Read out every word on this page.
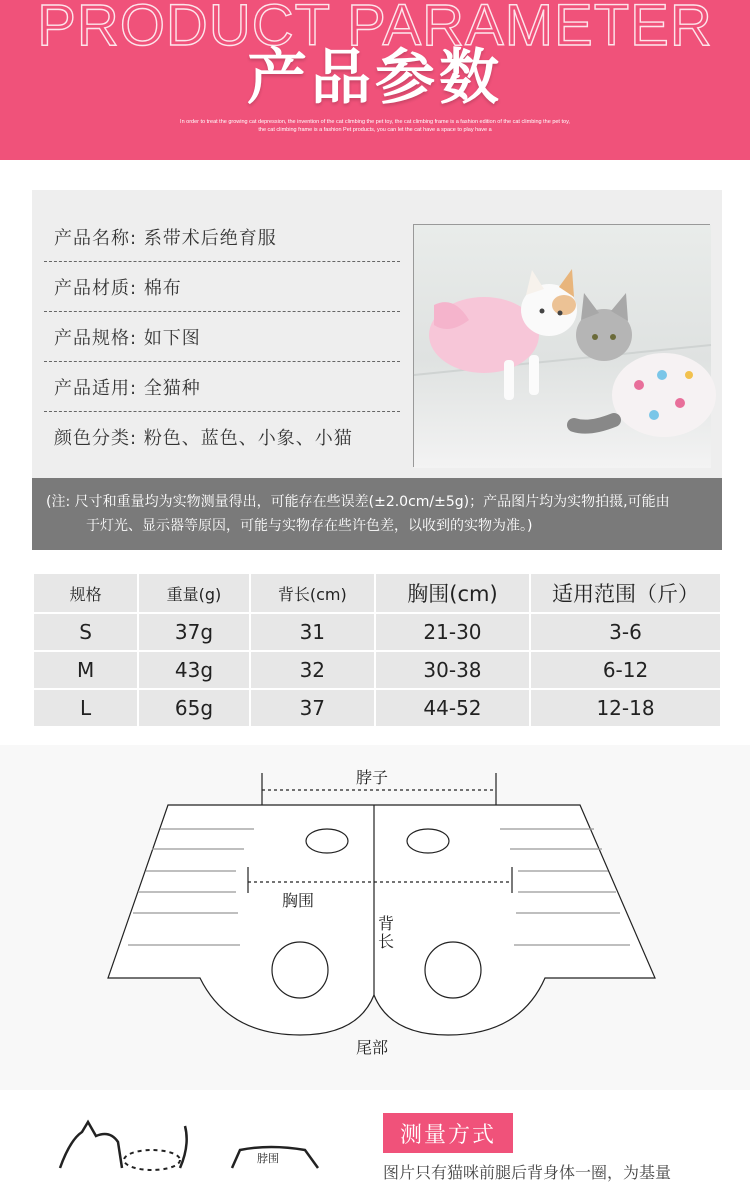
PRODUCT PARAMETER
产品参数
In order to treat the growing cat depression, the invention of the cat climbing the pet toy, the cat climbing frame is a fashion edition of the cat climbing the pet toy,
the cat climbing frame is a fashion Pet products, you can let the cat have a space to play have a
产品名称:
系带术后绝育服
产品材质:
棉布
产品规格:
如下图
产品适用:
全猫种
颜色分类:
粉色、蓝色、小象、小猫
(注: 尺寸和重量均为实物测量得出，可能存在些误差(±2.0cm/±5g)；产品图片均为实物拍摄,可能由
于灯光、显示器等原因，可能与实物存在些许色差，以收到的实物为准。)
规格	重量(g)	背长(cm)	胸围(cm)	适用范围（斤）
S	37g	31	21-30	3-6
M	43g	32	30-38	6-12
L	65g	37	44-52	12-18
脖子
胸围
背长
尾部
脖围
测量方式
图片只有猫咪前腿后背身体一圈，为基量
